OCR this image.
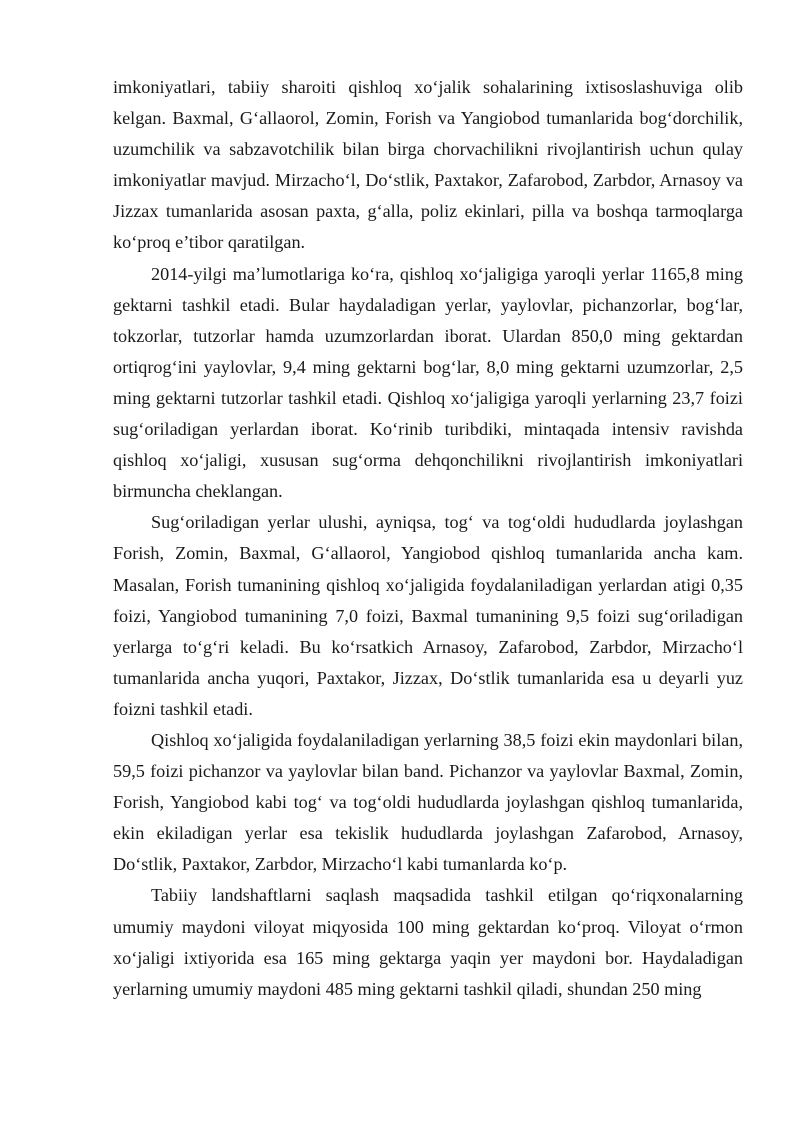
imkoniyatlari, tabiiy sharoiti qishloq xo‘jalik sohalarining ixtisoslashuviga olib kelgan. Baxmal, G‘allaorol, Zomin, Forish va Yangiobod tumanlarida bog‘dorchilik, uzumchilik va sabzavotchilik bilan birga chorvachilikni rivojlantirish uchun qulay imkoniyatlar mavjud. Mirzacho‘l, Do‘stlik, Paxtakor, Zafarobod, Zarbdor, Arnasoy va Jizzax tumanlarida asosan paxta, g‘alla, poliz ekinlari, pilla va boshqa tarmoqlarga ko‘proq e’tibor qaratilgan.

2014-yilgi ma’lumotlariga ko‘ra, qishloq xo‘jaligiga yaroqli yerlar 1165,8 ming gektarni tashkil etadi. Bular haydaladigan yerlar, yaylovlar, pichanzorlar, bog‘lar, tokzorlar, tutzorlar hamda uzumzorlardan iborat. Ulardan 850,0 ming gektardan ortiqrog‘ini yaylovlar, 9,4 ming gektarni bog‘lar, 8,0 ming gektarni uzumzorlar, 2,5 ming gektarni tutzorlar tashkil etadi. Qishloq xo‘jaligiga yaroqli yerlarning 23,7 foizi sug‘oriladigan yerlardan iborat. Ko‘rinib turibdiki, mintaqada intensiv ravishda qishloq xo‘jaligi, xususan sug‘orma dehqonchilikni rivojlantirish imkoniyatlari birmuncha cheklangan.

Sug‘oriladigan yerlar ulushi, ayniqsa, tog‘ va tog‘oldi hududlarda joylashgan Forish, Zomin, Baxmal, G‘allaorol, Yangiobod qishloq tumanlarida ancha kam. Masalan, Forish tumanining qishloq xo‘jaligida foydalaniladigan yerlardan atigi 0,35 foizi, Yangiobod tumanining 7,0 foizi, Baxmal tumanining 9,5 foizi sug‘oriladigan yerlarga to‘g‘ri keladi. Bu ko‘rsatkich Arnasoy, Zafarobod, Zarbdor, Mirzacho‘l tumanlarida ancha yuqori, Paxtakor, Jizzax, Do‘stlik tumanlarida esa u deyarli yuz foizni tashkil etadi.

Qishloq xo‘jaligida foydalaniladigan yerlarning 38,5 foizi ekin maydonlari bilan, 59,5 foizi pichanzor va yaylovlar bilan band. Pichanzor va yaylovlar Baxmal, Zomin, Forish, Yangiobod kabi tog‘ va tog‘oldi hududlarda joylashgan qishloq tumanlarida, ekin ekiladigan yerlar esa tekislik hududlarda joylashgan Zafarobod, Arnasoy, Do‘stlik, Paxtakor, Zarbdor, Mirzacho‘l kabi tumanlarda ko‘p.

Tabiiy landshaftlarni saqlash maqsadida tashkil etilgan qo‘riqxonalarning umumiy maydoni viloyat miqyosida 100 ming gektardan ko‘proq. Viloyat o‘rmon xo‘jaligi ixtiyorida esa 165 ming gektarga yaqin yer maydoni bor. Haydaladigan yerlarning umumiy maydoni 485 ming gektarni tashkil qiladi, shundan 250 ming
